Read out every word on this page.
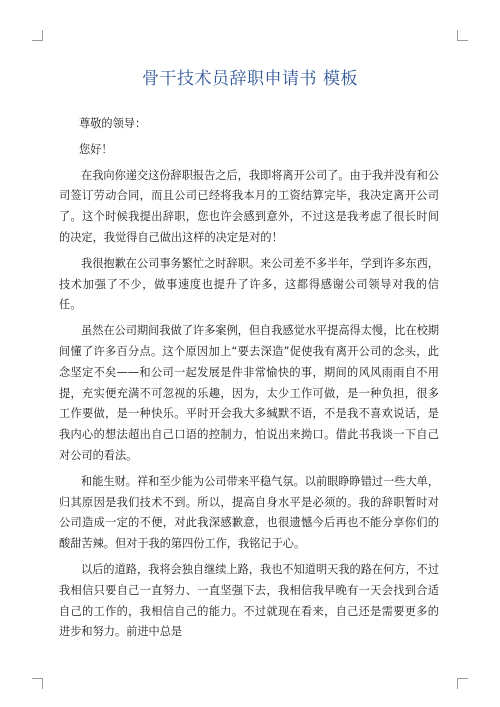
骨干技术员辞职申请书 模板
尊敬的领导：
您好！

在我向你递交这份辞职报告之后，我即将离开公司了。由于我并没有和公司签订劳动合同，而且公司已经将我本月的工资结算完毕，我决定离开公司了。这个时候我提出辞职，您也许会感到意外，不过这是我考虑了很长时间的决定，我觉得自己做出这样的决定是对的！

我很抱歉在公司事务繁忙之时辞职。来公司差不多半年，学到许多东西，技术加强了不少，做事速度也提升了许多，这都得感谢公司领导对我的信任。

虽然在公司期间我做了许多案例，但自我感觉水平提高得太慢，比在校期间懂了许多百分点。这个原因加上“要去深造”促使我有离开公司的念头，此念坚定不矣——和公司一起发展是件非常愉快的事，期间的风风雨雨自不用提，充实便充满不可忽视的乐趣，因为，太少工作可做，是一种负担，很多工作要做，是一种快乐。平时开会我大多缄默不语，不是我不喜欢说话，是我内心的想法超出自己口语的控制力，怕说出来拗口。借此书我谈一下自己对公司的看法。

和能生财。祥和至少能为公司带来平稳气氛。以前眼睁睁错过一些大单，归其原因是我们技术不到。所以，提高自身水平是必须的。我的辞职暂时对公司造成一定的不便，对此我深感歉意，也很遗憾今后再也不能分享你们的酸甜苦辣。但对于我的第四份工作，我铭记于心。

以后的道路，我将会独自继续上路，我也不知道明天我的路在何方，不过我相信只要自己一直努力、一直坚强下去，我相信我早晚有一天会找到合适自己的工作的，我相信自己的能力。不过就现在看来，自己还是需要更多的进步和努力。前进中总是
